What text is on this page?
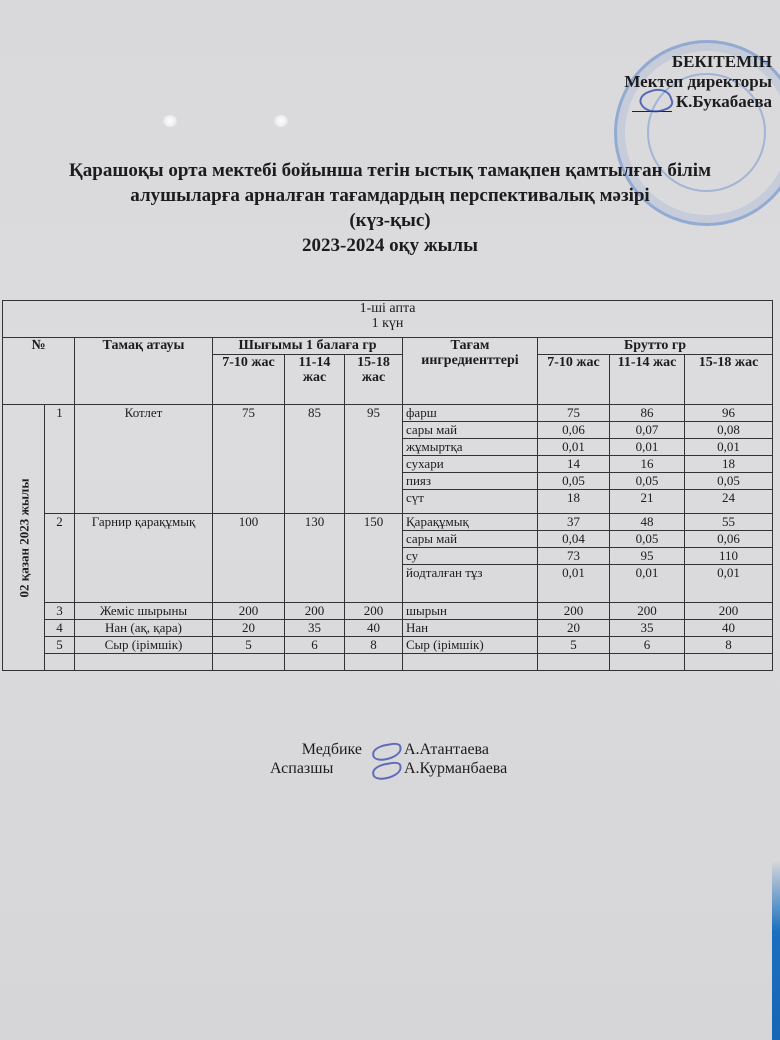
БЕКІТЕМІН
Мектеп директоры
К.Букабаева
Қарашоқы орта мектебі бойынша тегін ыстық тамақпен қамтылған білім
алушыларға арналған тағамдардың перспективалық мәзірі
(күз-қыс)
2023-2024 оқу жылы
1-ші апта
1 күн									

№		Тамақ атауы	Шығымы 1 балаға гр			Тағам ингредиенттері	Брутто гр		
			7-10 жас	11-14 жас	15-18 жас		7-10 жас	11-14 жас	15-18 жас

02 қазан 2023 жылы	1	Котлет	75	85	95	фарш	75	86	96
						сары май	0,06	0,07	0,08
						жұмыртқа	0,01	0,01	0,01
						сухари	14	16	18
						пияз	0,05	0,05	0,05
						сүт	18	21	24
	2	Гарнир қарақұмық	100	130	150	Қарақұмық	37	48	55
						сары май	0,04	0,05	0,06
						су	73	95	110
						йодталған тұз	0,01	0,01	0,01
	3	Жеміс шырыны	200	200	200	шырын	200	200	200
	4	Нан (ақ, қара)	20	35	40	Нан	20	35	40
	5	Сыр (ірімшік)	5	6	8	Сыр (ірімшік)	5	6	8

Медбике	А.Атантаева
Аспазшы	А.Курманбаева
